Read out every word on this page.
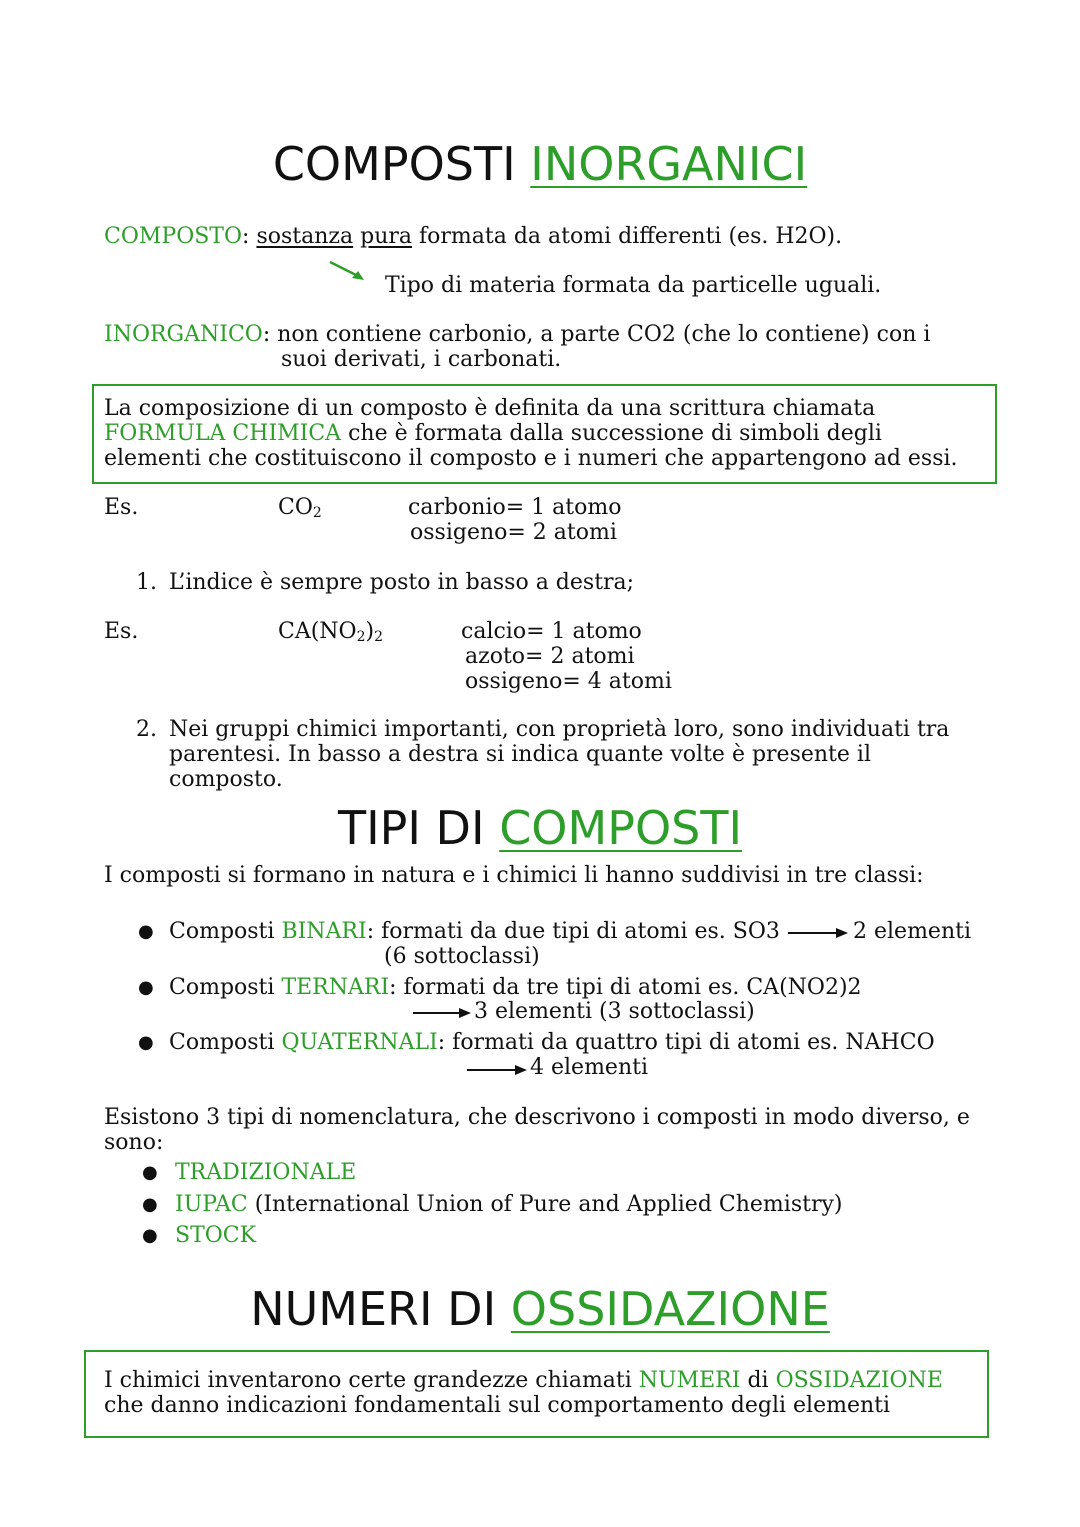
COMPOSTI INORGANICI
COMPOSTO: sostanza pura formata da atomi differenti (es. H2O).
Tipo di materia formata da particelle uguali.
INORGANICO: non contiene carbonio, a parte CO2 (che lo contiene) con i
suoi derivati, i carbonati.
La composizione di un composto è definita da una scrittura chiamata
FORMULA CHIMICA che è formata dalla successione di simboli degli
elementi che costituiscono il composto e i numeri che appartengono ad essi.
Es.	$CO_2$	carbonio= 1 atomo
ossigeno= 2 atomi
1. L’indice è sempre posto in basso a destra;
Es.	$CA(NO_2)_2$	calcio= 1 atomo
azoto= 2 atomi
ossigeno= 4 atomi
2. Nei gruppi chimici importanti, con proprietà loro, sono individuati tra
parentesi. In basso a destra si indica quante volte è presente il
composto.
TIPI DI COMPOSTI
I composti si formano in natura e i chimici li hanno suddivisi in tre classi:
● Composti BINARI: formati da due tipi di atomi es. SO3	2 elementi
(6 sottoclassi)
● Composti TERNARI: formati da tre tipi di atomi es. CA(NO2)2
3 elementi (3 sottoclassi)
● Composti QUATERNALI: formati da quattro tipi di atomi es. NAHCO
4 elementi
Esistono 3 tipi di nomenclatura, che descrivono i composti in modo diverso, e
sono:
● TRADIZIONALE
● IUPAC (International Union of Pure and Applied Chemistry)
● STOCK
NUMERI DI OSSIDAZIONE
I chimici inventarono certe grandezze chiamati NUMERI di OSSIDAZIONE
che danno indicazioni fondamentali sul comportamento degli elementi
